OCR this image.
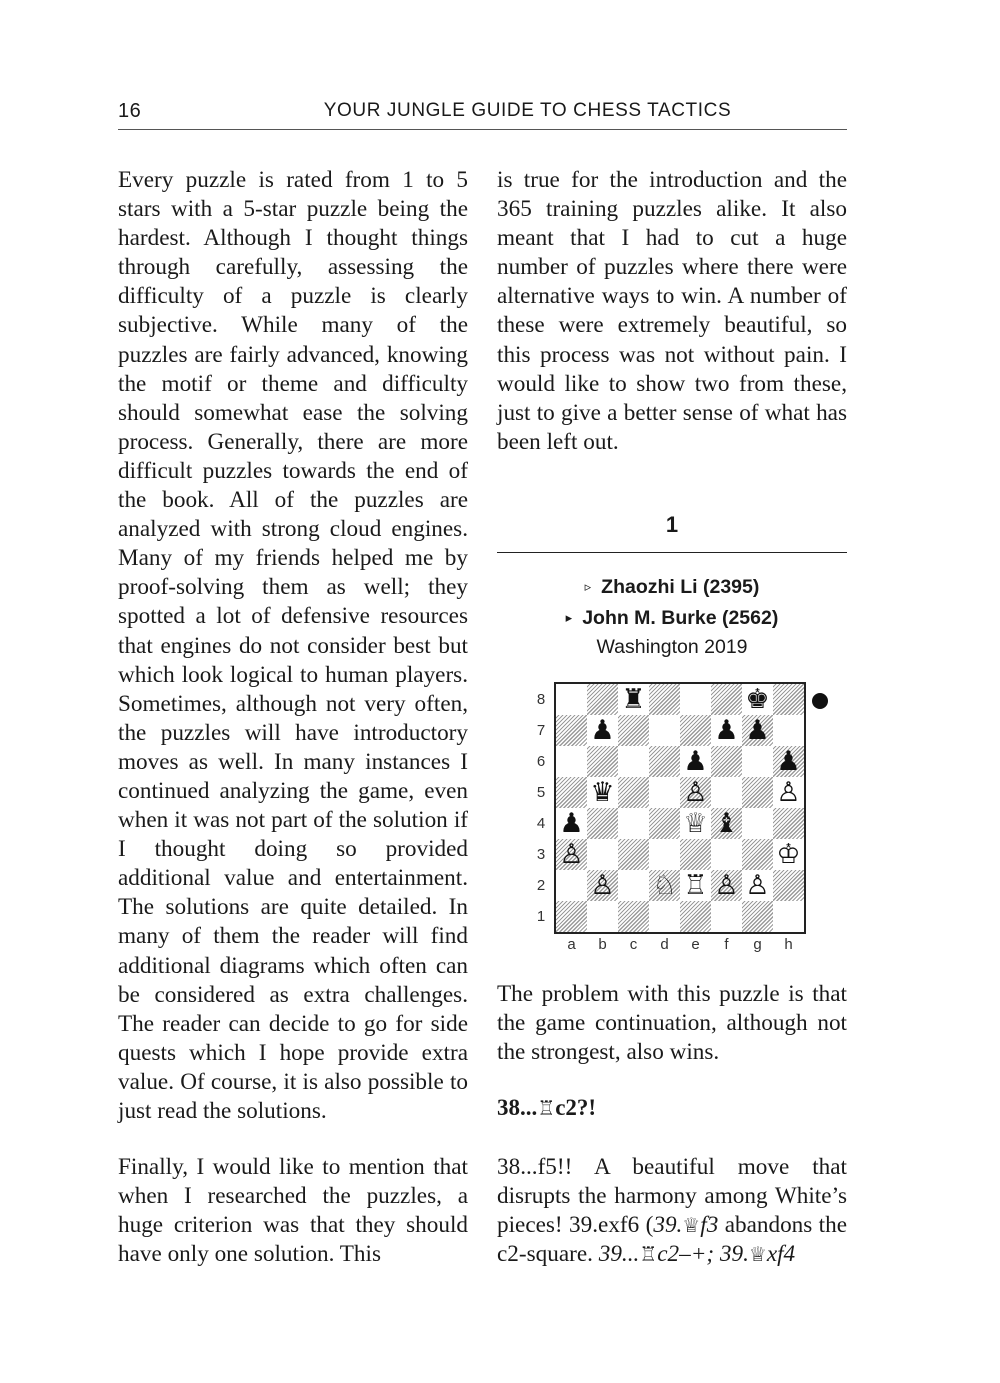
16	YOUR JUNGLE GUIDE TO CHESS TACTICS

Every puzzle is rated from 1 to 5 stars with a 5-star puzzle being the hardest. Although I thought things through carefully, assessing the difficulty of a puzzle is clearly subjective. While many of the puzzles are fairly advanced, knowing the motif or theme and difficulty should somewhat ease the solving process. Generally, there are more difficult puzzles towards the end of the book. All of the puzzles are analyzed with strong cloud engines. Many of my friends helped me by proof-solving them as well; they spotted a lot of defensive resources that engines do not consider best but which look logical to human players. Sometimes, although not very often, the puzzles will have introductory moves as well. In many instances I continued analyzing the game, even when it was not part of the solution if I thought doing so provided additional value and entertainment. The solutions are quite detailed. In many of them the reader will find additional diagrams which often can be considered as extra challenges. The reader can decide to go for side quests which I hope provide extra value. Of course, it is also possible to just read the solutions.

Finally, I would like to mention that when I researched the puzzles, a huge criterion was that they should have only one solution. This

is true for the introduction and the 365 training puzzles alike. It also meant that I had to cut a huge number of puzzles where there were alternative ways to win. A number of these were extremely beautiful, so this process was not without pain. I would like to show two from these, just to give a better sense of what has been left out.

1
▹ Zhaozhi Li (2395)
▸ John M. Burke (2562)
Washington 2019
♜	♚
♟	♟ ♟
♟	♟
♛	♙	♙
♟	♕ ♝
♙	♔
♙ ♘ ♖ ♙ ♙
8
7
6
5
4
3
2
1
a	b	c	d	e	f	g	h

The problem with this puzzle is that the game continuation, although not the strongest, also wins.

38...♖c2?!

38...f5!! A beautiful move that disrupts the harmony among White’s pieces! 39.exf6 (39.♕f3 abandons the c2-square. 39...♖c2–+; 39.♕xf4
